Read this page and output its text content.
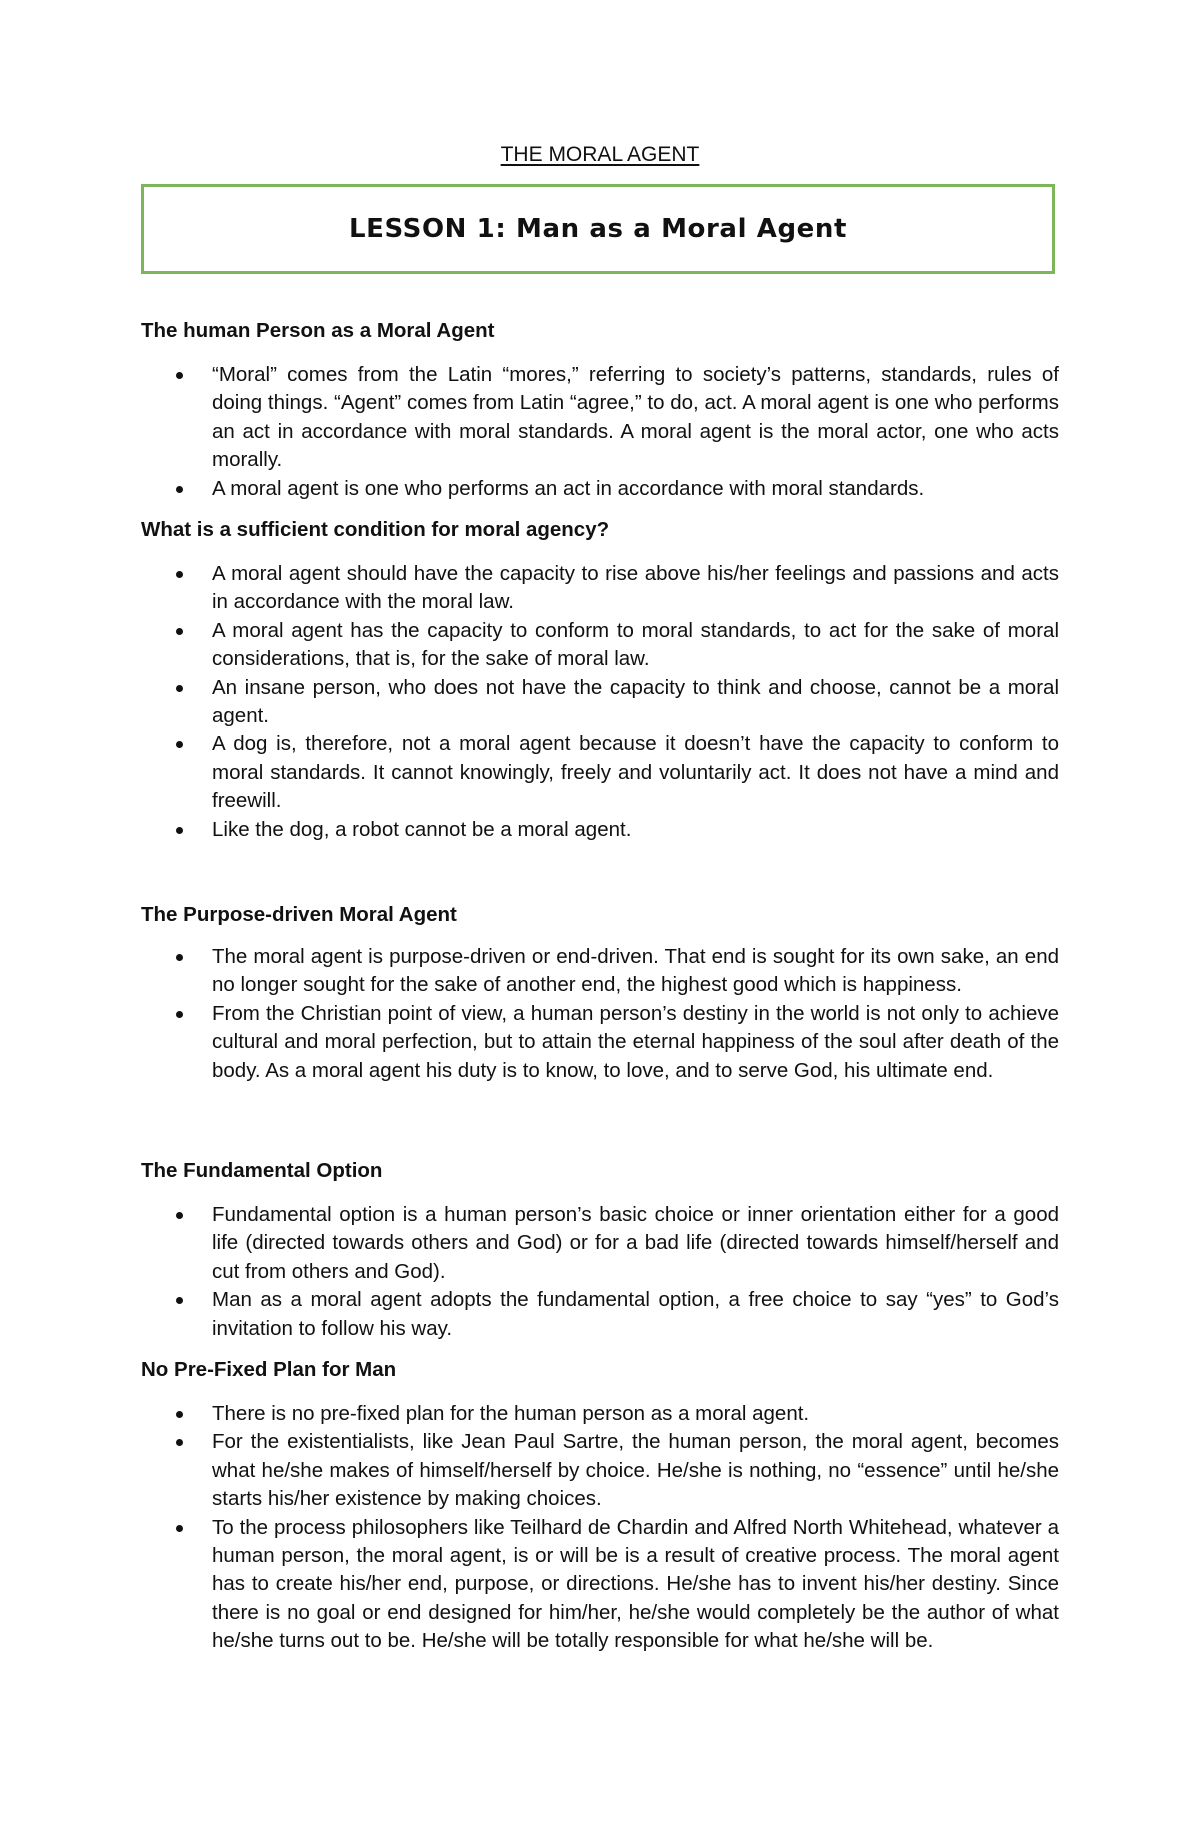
THE MORAL AGENT
LESSON 1: Man as a Moral Agent

The human Person as a Moral Agent

“Moral” comes from the Latin “mores,” referring to society’s patterns, standards, rules of doing things. “Agent” comes from Latin “agree,” to do, act. A moral agent is one who performs an act in accordance with moral standards. A moral agent is the moral actor, one who acts morally.
A moral agent is one who performs an act in accordance with moral standards.

What is a sufficient condition for moral agency?

A moral agent should have the capacity to rise above his/her feelings and passions and acts in accordance with the moral law.
A moral agent has the capacity to conform to moral standards, to act for the sake of moral considerations, that is, for the sake of moral law.
An insane person, who does not have the capacity to think and choose, cannot be a moral agent.
A dog is, therefore, not a moral agent because it doesn’t have the capacity to conform to moral standards. It cannot knowingly, freely and voluntarily act. It does not have a mind and freewill.
Like the dog, a robot cannot be a moral agent.

The Purpose-driven Moral Agent

The moral agent is purpose-driven or end-driven. That end is sought for its own sake, an end no longer sought for the sake of another end, the highest good which is happiness.
From the Christian point of view, a human person’s destiny in the world is not only to achieve cultural and moral perfection, but to attain the eternal happiness of the soul after death of the body. As a moral agent his duty is to know, to love, and to serve God, his ultimate end.

The Fundamental Option

Fundamental option is a human person’s basic choice or inner orientation either for a good life (directed towards others and God) or for a bad life (directed towards himself/herself and cut from others and God).
Man as a moral agent adopts the fundamental option, a free choice to say “yes” to God’s invitation to follow his way.

No Pre-Fixed Plan for Man

There is no pre-fixed plan for the human person as a moral agent.
For the existentialists, like Jean Paul Sartre, the human person, the moral agent, becomes what he/she makes of himself/herself by choice. He/she is nothing, no “essence” until he/she starts his/her existence by making choices.
To the process philosophers like Teilhard de Chardin and Alfred North Whitehead, whatever a human person, the moral agent, is or will be is a result of creative process. The moral agent has to create his/her end, purpose, or directions. He/she has to invent his/her destiny. Since there is no goal or end designed for him/her, he/she would completely be the author of what he/she turns out to be. He/she will be totally responsible for what he/she will be.
